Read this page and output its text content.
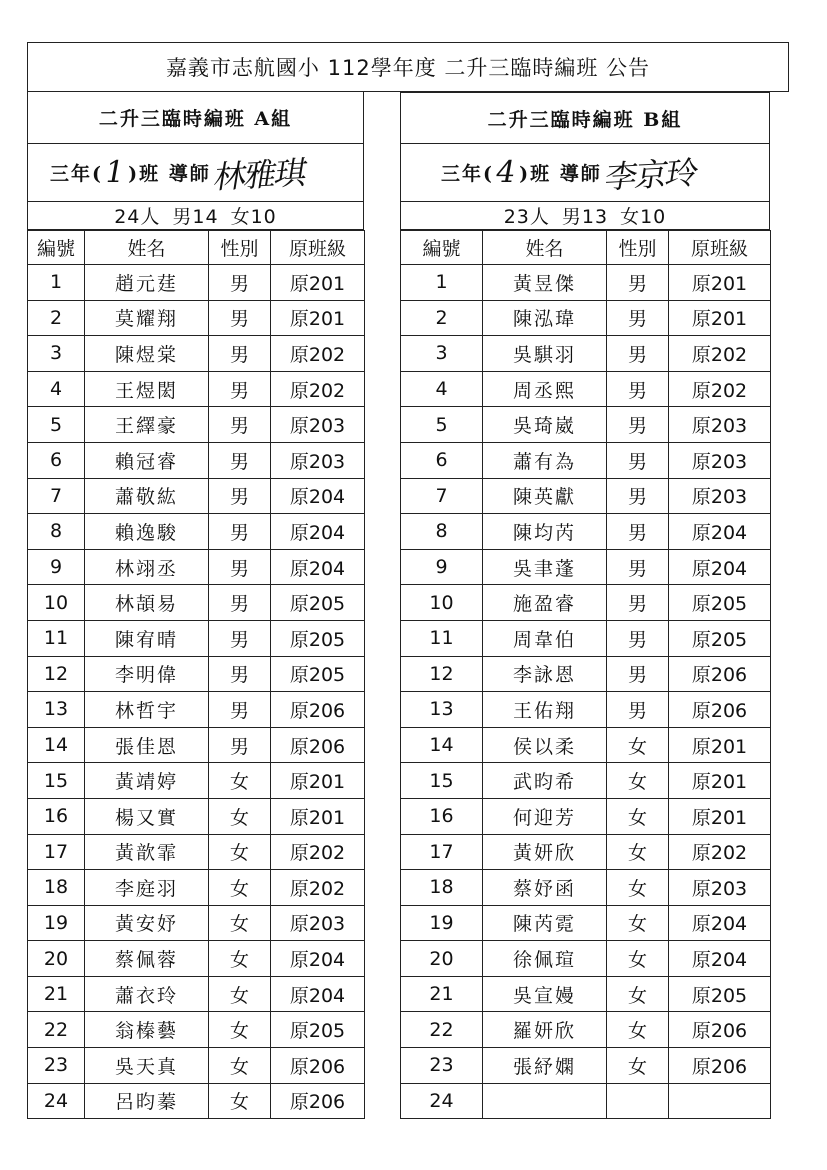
嘉義市志航國小 112學年度 二升三臨時編班 公告
二升三臨時編班 A組
三年(
1
)班 導師 林雅琪
24人 男14 女10
編號	姓名	性別	原班級
1	趙元莛	男	原201
2	莫耀翔	男	原201
3	陳煜棠	男	原202
4	王煜閎	男	原202
5	王繹豪	男	原203
6	賴冠睿	男	原203
7	蕭敬紘	男	原204
8	賴逸駿	男	原204
9	林翊丞	男	原204
10	林頡易	男	原205
11	陳宥晴	男	原205
12	李明偉	男	原205
13	林哲宇	男	原206
14	張佳恩	男	原206
15	黃靖婷	女	原201
16	楊又實	女	原201
17	黃歆霏	女	原202
18	李庭羽	女	原202
19	黃安妤	女	原203
20	蔡佩蓉	女	原204
21	蕭衣玲	女	原204
22	翁榛藝	女	原205
23	吳天真	女	原206
24	呂昀蓁	女	原206
二升三臨時編班 B組
三年(
4
)班 導師 李京玲
23人 男13 女10
編號	姓名	性別	原班級
1	黃昱傑	男	原201
2	陳泓瑋	男	原201
3	吳騏羽	男	原202
4	周丞熙	男	原202
5	吳琦崴	男	原203
6	蕭有為	男	原203
7	陳英獻	男	原203
8	陳均芮	男	原204
9	吳聿蓬	男	原204
10	施盈睿	男	原205
11	周韋伯	男	原205
12	李詠恩	男	原206
13	王佑翔	男	原206
14	侯以柔	女	原201
15	武昀希	女	原201
16	何迎芳	女	原201
17	黃妍欣	女	原202
18	蔡妤函	女	原203
19	陳芮霓	女	原204
20	徐佩瑄	女	原204
21	吳宣嫚	女	原205
22	羅妍欣	女	原206
23	張紓嫻	女	原206
24			
